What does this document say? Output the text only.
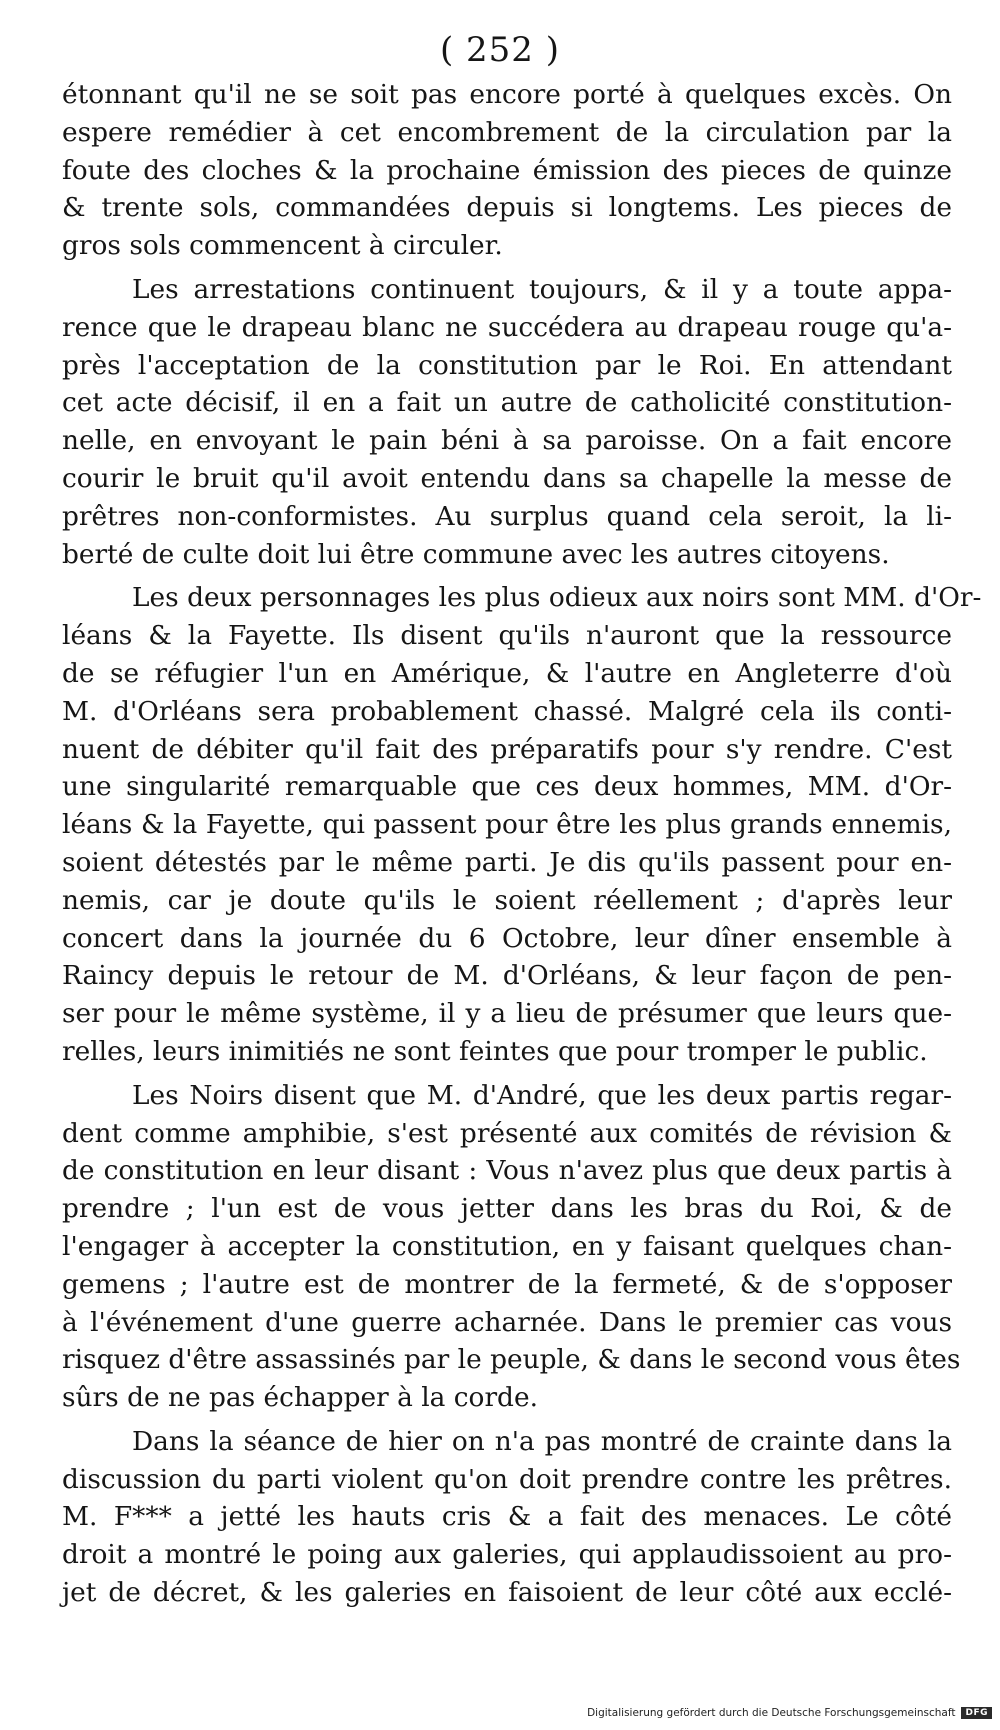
( 252 )
étonnant qu'il ne se soit pas encore porté à quelques excès. On
espere remédier à cet encombrement de la circulation par la
foute des cloches & la prochaine émission des pieces de quinze
& trente sols, commandées depuis si longtems. Les pieces de
gros sols commencent à circuler.
Les arrestations continuent toujours, & il y a toute appa-
rence que le drapeau blanc ne succédera au drapeau rouge qu'a-
près l'acceptation de la constitution par le Roi. En attendant
cet acte décisif, il en a fait un autre de catholicité constitution-
nelle, en envoyant le pain béni à sa paroisse. On a fait encore
courir le bruit qu'il avoit entendu dans sa chapelle la messe de
prêtres non-conformistes. Au surplus quand cela seroit, la li-
berté de culte doit lui être commune avec les autres citoyens.
Les deux personnages les plus odieux aux noirs sont MM. d'Or-
léans & la Fayette. Ils disent qu'ils n'auront que la ressource
de se réfugier l'un en Amérique, & l'autre en Angleterre d'où
M. d'Orléans sera probablement chassé. Malgré cela ils conti-
nuent de débiter qu'il fait des préparatifs pour s'y rendre. C'est
une singularité remarquable que ces deux hommes, MM. d'Or-
léans & la Fayette, qui passent pour être les plus grands ennemis,
soient détestés par le même parti. Je dis qu'ils passent pour en-
nemis, car je doute qu'ils le soient réellement ; d'après leur
concert dans la journée du 6 Octobre, leur dîner ensemble à
Raincy depuis le retour de M. d'Orléans, & leur façon de pen-
ser pour le même système, il y a lieu de présumer que leurs que-
relles, leurs inimitiés ne sont feintes que pour tromper le public.
Les Noirs disent que M. d'André, que les deux partis regar-
dent comme amphibie, s'est présenté aux comités de révision &
de constitution en leur disant : Vous n'avez plus que deux partis à
prendre ; l'un est de vous jetter dans les bras du Roi, & de
l'engager à accepter la constitution, en y faisant quelques chan-
gemens ; l'autre est de montrer de la fermeté, & de s'opposer
à l'événement d'une guerre acharnée. Dans le premier cas vous
risquez d'être assassinés par le peuple, & dans le second vous êtes
sûrs de ne pas échapper à la corde.
Dans la séance de hier on n'a pas montré de crainte dans la
discussion du parti violent qu'on doit prendre contre les prêtres.
M. F*** a jetté les hauts cris & a fait des menaces. Le côté
droit a montré le poing aux galeries, qui applaudissoient au pro-
jet de décret, & les galeries en faisoient de leur côté aux ecclé-
Digitalisierung gefördert durch die Deutsche Forschungsgemeinschaft	DFG
